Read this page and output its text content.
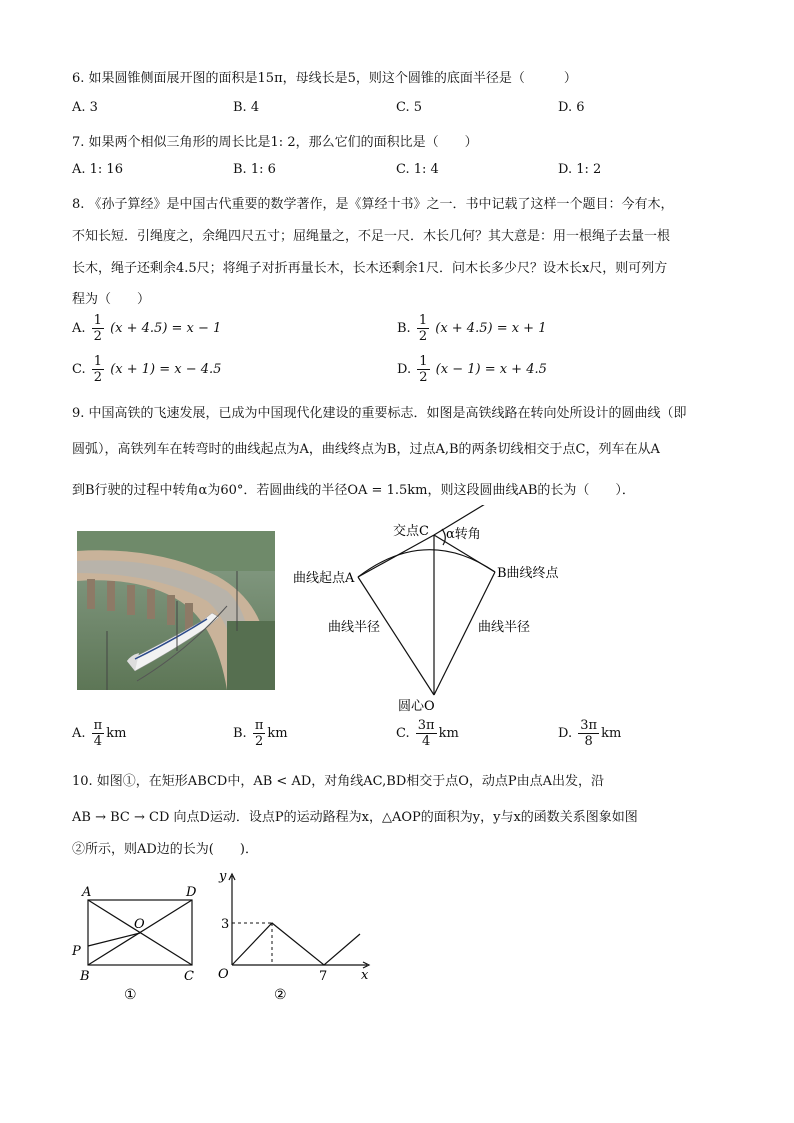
6. 如果圆锥侧面展开图的面积是15π，母线长是5，则这个圆锥的底面半径是（　　　）
A. 3	B. 4	C. 5	D. 6
7. 如果两个相似三角形的周长比是1: 2，那么它们的面积比是（　　）
A. 1: 16	B. 1: 6	C. 1: 4	D. 1: 2
8. 《孙子算经》是中国古代重要的数学著作，是《算经十书》之一．书中记载了这样一个题目：今有木，
不知长短．引绳度之，余绳四尺五寸；屈绳量之，不足一尺．木长几何？其大意是：用一根绳子去量一根
长木，绳子还剩余4.5尺；将绳子对折再量长木，长木还剩余1尺．问木长多少尺？设木长x尺，则可列方
程为（　　）
A. $\frac{1}{2} (x + 4.5) = x - 1$	B. $\frac{1}{2} (x + 4.5) = x + 1$
C. $\frac{1}{2} (x + 1) = x - 4.5$	D. $\frac{1}{2} (x - 1) = x + 4.5$
9. 中国高铁的飞速发展，已成为中国现代化建设的重要标志．如图是高铁线路在转向处所设计的圆曲线（即
圆弧），高铁列车在转弯时的曲线起点为A，曲线终点为B，过点A,B的两条切线相交于点C，列车在从A
到B行驶的过程中转角α为60°．若圆曲线的半径OA = 1.5km，则这段圆曲线AB的长为（　　）．
交点C α转角
曲线起点A	B曲线终点
曲线半径	曲线半径
圆心O
A. $\frac{\pi}{4}$ km	B. $\frac{\pi}{2}$ km	C. $\frac{3\pi}{4}$ km	D. $\frac{3\pi}{8}$ km
10. 如图①，在矩形ABCD中，AB < AD，对角线AC,BD相交于点O，动点P由点A出发，沿
AB → BC → CD 向点D运动．设点P的运动路程为x，△AOP的面积为y，y与x的函数关系图象如图
②所示，则AD边的长为(　　)．
A	D
O
P
B	C
①
y
x
O
3
7
②
